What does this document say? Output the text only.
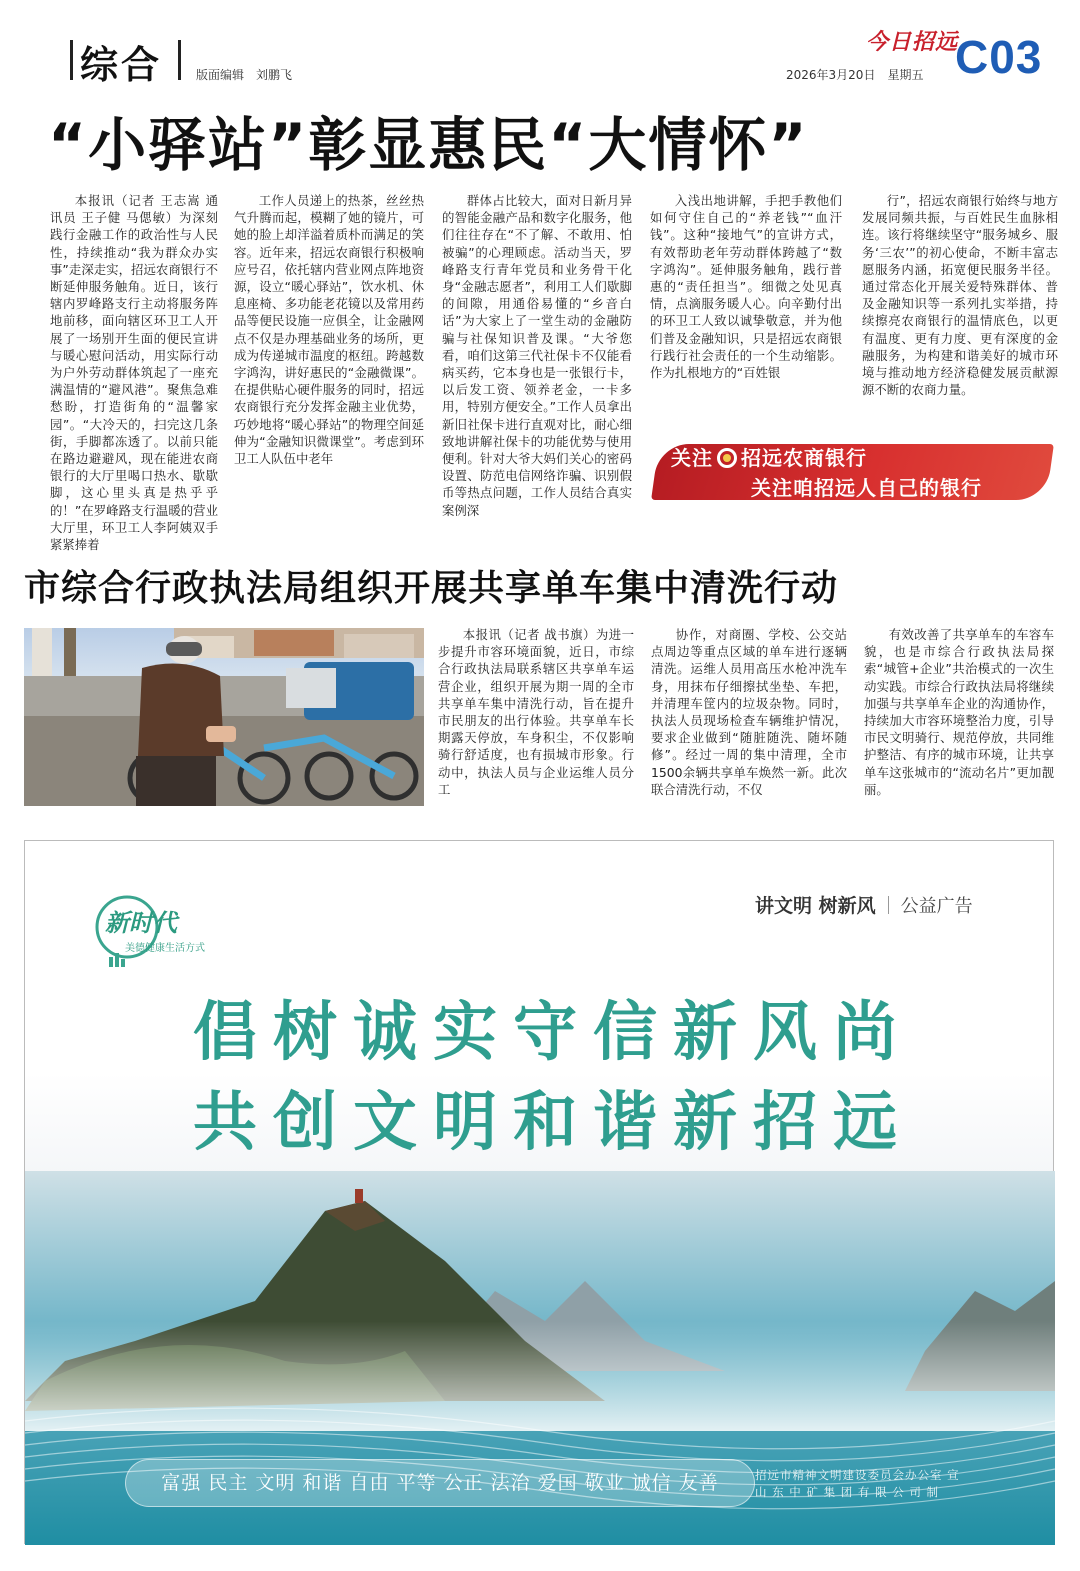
综合	版面编辑　刘鹏飞
今日招远
2026年3月20日　星期五 C03
“小驿站”彰显惠民“大情怀”

本报讯（记者 王志嵩 通讯员 王子健 马偲敏）为深刻践行金融工作的政治性与人民性，持续推动“我为群众办实事”走深走实，招远农商银行不断延伸服务触角。近日，该行辖内罗峰路支行主动将服务阵地前移，面向辖区环卫工人开展了一场别开生面的便民宣讲与暖心慰问活动，用实际行动为户外劳动群体筑起了一座充满温情的“避风港”。聚焦急难愁盼，打造街角的“温馨家园”。“大冷天的，扫完这几条街，手脚都冻透了。以前只能在路边避避风，现在能进农商银行的大厅里喝口热水、歇歇脚，这心里头真是热乎乎的！”在罗峰路支行温暖的营业大厅里，环卫工人李阿姨双手紧紧捧着

工作人员递上的热茶，丝丝热气升腾而起，模糊了她的镜片，可她的脸上却洋溢着质朴而满足的笑容。近年来，招远农商银行积极响应号召，依托辖内营业网点阵地资源，设立“暖心驿站”，饮水机、休息座椅、多功能老花镜以及常用药品等便民设施一应俱全，让金融网点不仅是办理基础业务的场所，更成为传递城市温度的枢纽。跨越数字鸿沟，讲好惠民的“金融微课”。在提供贴心硬件服务的同时，招远农商银行充分发挥金融主业优势，巧妙地将“暖心驿站”的物理空间延伸为“金融知识微课堂”。考虑到环卫工人队伍中老年

群体占比较大，面对日新月异的智能金融产品和数字化服务，他们往往存在“不了解、不敢用、怕被骗”的心理顾虑。活动当天，罗峰路支行青年党员和业务骨干化身“金融志愿者”，利用工人们歇脚的间隙，用通俗易懂的“乡音白话”为大家上了一堂生动的金融防骗与社保知识普及课。“大爷您看，咱们这第三代社保卡不仅能看病买药，它本身也是一张银行卡，以后发工资、领养老金，一卡多用，特别方便安全。”工作人员拿出新旧社保卡进行直观对比，耐心细致地讲解社保卡的功能优势与使用便利。针对大爷大妈们关心的密码设置、防范电信网络诈骗、识别假币等热点问题，工作人员结合真实案例深

入浅出地讲解，手把手教他们如何守住自己的“养老钱”“血汗钱”。这种“接地气”的宣讲方式，有效帮助老年劳动群体跨越了“数字鸿沟”。延伸服务触角，践行普惠的“责任担当”。细微之处见真情，点滴服务暖人心。向辛勤付出的环卫工人致以诚挚敬意，并为他们普及金融知识，只是招远农商银行践行社会责任的一个生动缩影。作为扎根地方的“百姓银

行”，招远农商银行始终与地方发展同频共振，与百姓民生血脉相连。该行将继续坚守“服务城乡、服务‘三农’”的初心使命，不断丰富志愿服务内涵，拓宽便民服务半径。通过常态化开展关爱特殊群体、普及金融知识等一系列扎实举措，持续擦亮农商银行的温情底色，以更有温度、更有力度、更有深度的金融服务，为构建和谐美好的城市环境与推动地方经济稳健发展贡献源源不断的农商力量。

关注 招远农商银行
关注咱招远人自己的银行
市综合行政执法局组织开展共享单车集中清洗行动

本报讯（记者 战书旗）为进一步提升市容环境面貌，近日，市综合行政执法局联系辖区共享单车运营企业，组织开展为期一周的全市共享单车集中清洗行动，旨在提升市民朋友的出行体验。共享单车长期露天停放，车身积尘，不仅影响骑行舒适度，也有损城市形象。行动中，执法人员与企业运维人员分工

协作，对商圈、学校、公交站点周边等重点区域的单车进行逐辆清洗。运维人员用高压水枪冲洗车身，用抹布仔细擦拭坐垫、车把，并清理车筐内的垃圾杂物。同时，执法人员现场检查车辆维护情况，要求企业做到“随脏随洗、随坏随修”。经过一周的集中清理，全市1500余辆共享单车焕然一新。此次联合清洗行动，不仅

有效改善了共享单车的车容车貌，也是市综合行政执法局探索“城管+企业”共治模式的一次生动实践。市综合行政执法局将继续加强与共享单车企业的沟通协作，持续加大市容环境整治力度，引导市民文明骑行、规范停放，共同维护整洁、有序的城市环境，让共享单车这张城市的“流动名片”更加靓丽。

新时代
美德健康生活方式
讲文明 树新风 公益广告
倡树诚实守信新风尚
共创文明和谐新招远
富强 民主 文明 和谐 自由 平等 公正 法治 爱国 敬业 诚信 友善	招远市精神文明建设委员会办公室 宣
山 东 中 矿 集 团 有 限 公 司 制
